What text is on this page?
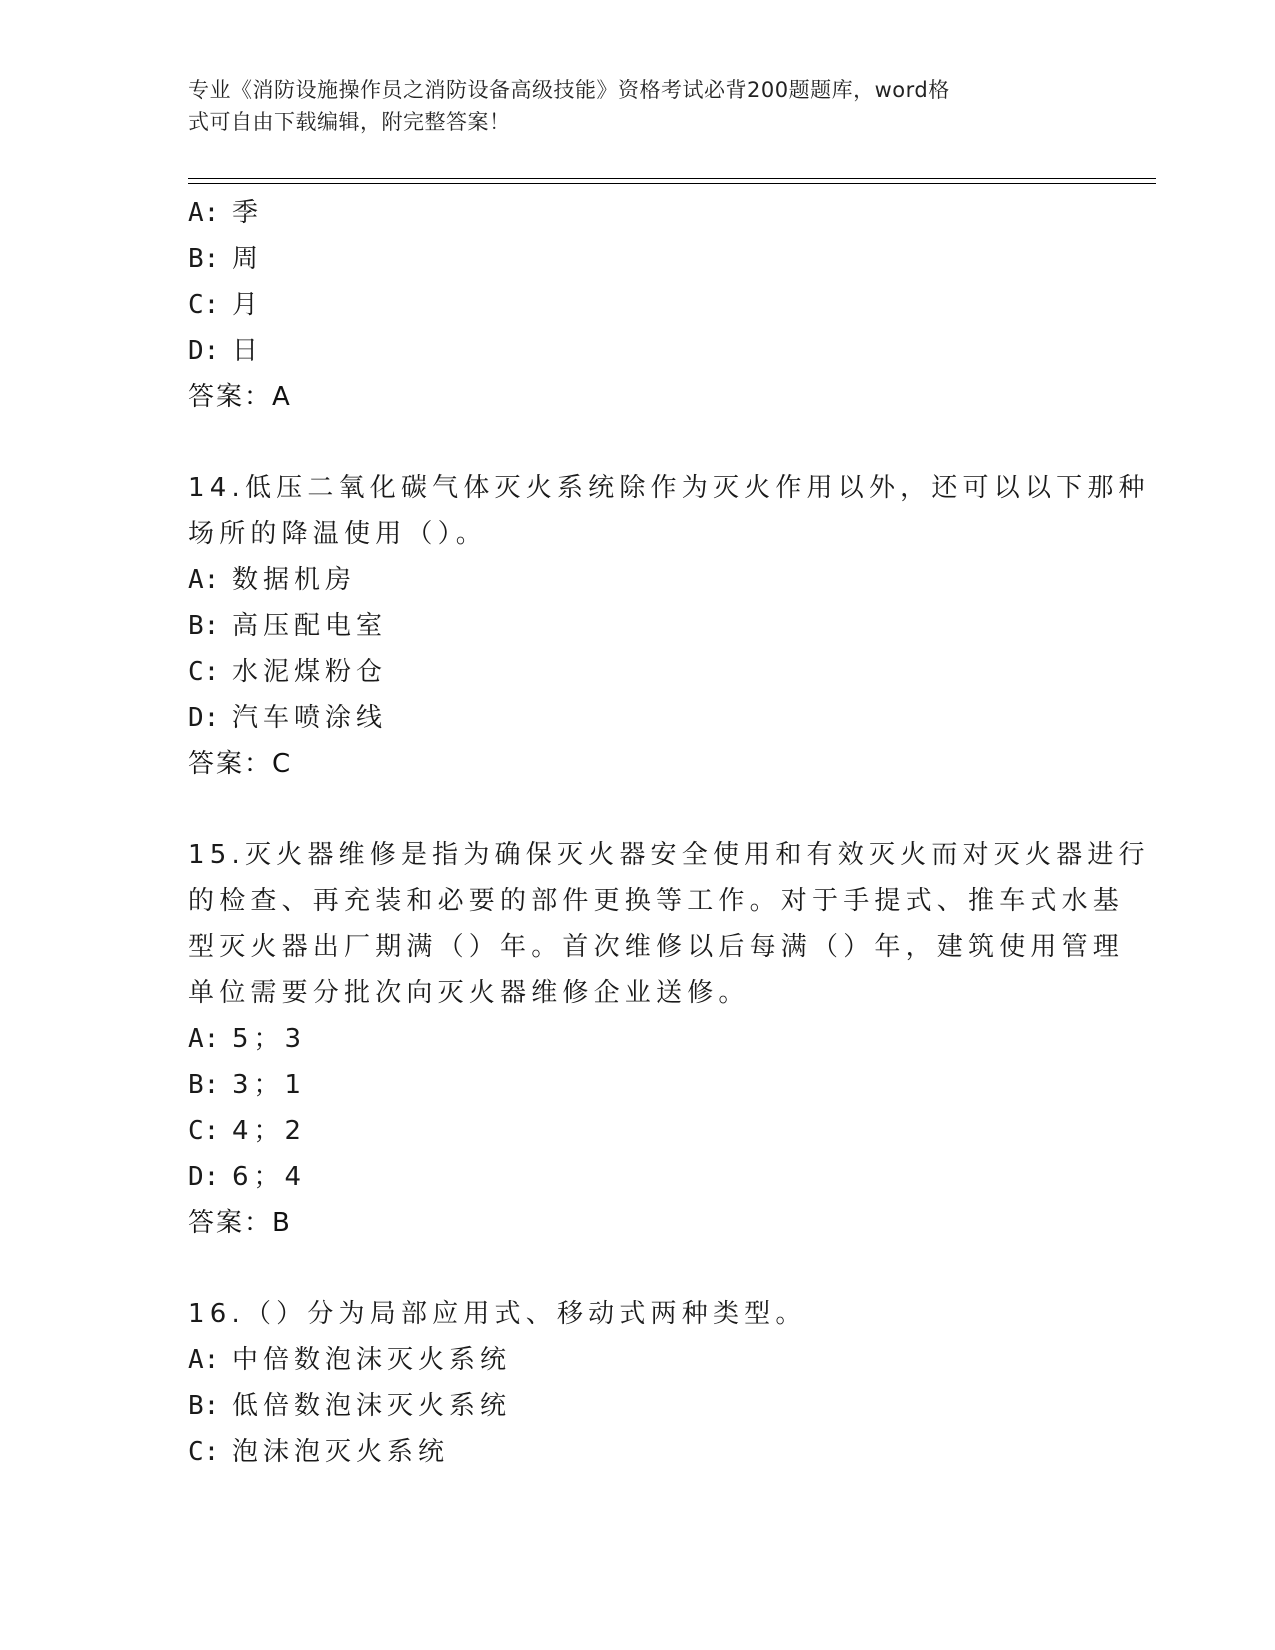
专业《消防设施操作员之消防设备高级技能》资格考试必背200题题库，word格
式可自由下载编辑，附完整答案！
A: 季
B: 周
C: 月
D: 日
答案：A
14.低压二氧化碳气体灭火系统除作为灭火作用以外，还可以以下那种
场所的降温使用（）。
A: 数据机房
B: 高压配电室
C: 水泥煤粉仓
D: 汽车喷涂线
答案：C
15.灭火器维修是指为确保灭火器安全使用和有效灭火而对灭火器进行
的检查、再充装和必要的部件更换等工作。对于手提式、推车式水基
型灭火器出厂期满（）年。首次维修以后每满（）年，建筑使用管理
单位需要分批次向灭火器维修企业送修。
A: 5；3
B: 3；1
C: 4；2
D: 6；4
答案：B
16.（）分为局部应用式、移动式两种类型。
A: 中倍数泡沫灭火系统
B: 低倍数泡沫灭火系统
C: 泡沫泡灭火系统
